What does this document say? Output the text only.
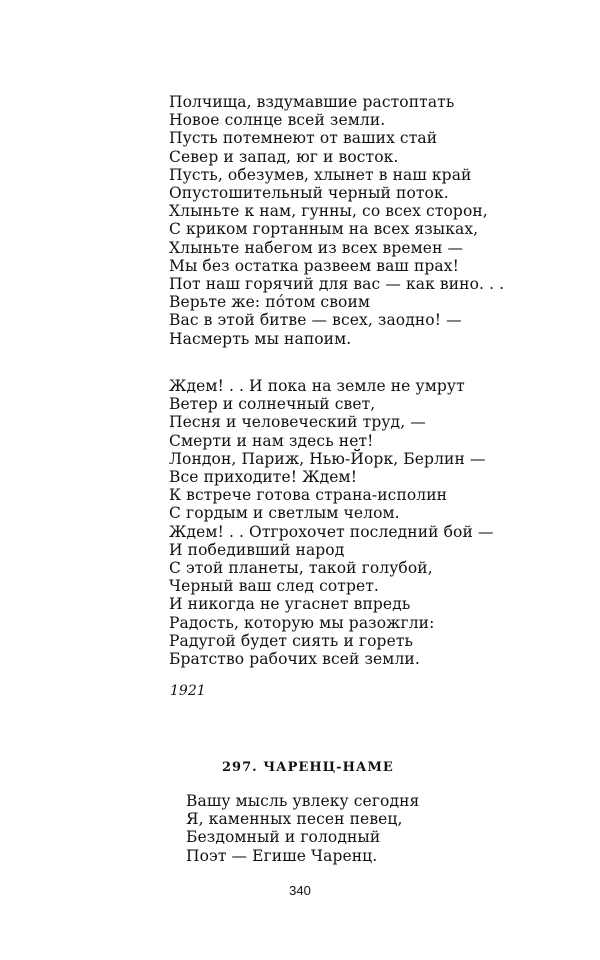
Полчища, вздумавшие растоптать
Новое солнце всей земли.
Пусть потемнеют от ваших стай
Север и запад, юг и восток.
Пусть, обезумев, хлынет в наш край
Опустошительный черный поток.
Хлыньте к нам, гунны, со всех сторон,
С криком гортанным на всех языках,
Хлыньте набегом из всех времен —
Мы без остатка развеем ваш прах!
Пот наш горячий для вас — как вино. . .
Верьте же: пóтом своим
Вас в этой битве — всех, заодно! —
Насмерть мы напоим.
Ждем! . . И пока на земле не умрут
Ветер и солнечный свет,
Песня и человеческий труд, —
Смерти и нам здесь нет!
Лондон, Париж, Нью-Йорк, Берлин —
Все приходите! Ждем!
К встрече готова страна-исполин
С гордым и светлым челом.
Ждем! . . Отгрохочет последний бой —
И победивший народ
С этой планеты, такой голубой,
Черный ваш след сотрет.
И никогда не угаснет впредь
Радость, которую мы разожгли:
Радугой будет сиять и гореть
Братство рабочих всей земли.
1921
297. ЧАРЕНЦ-НАМЕ
Вашу мысль увлеку сегодня
Я, каменных песен певец,
Бездомный и голодный
Поэт — Егише Чаренц.
340
